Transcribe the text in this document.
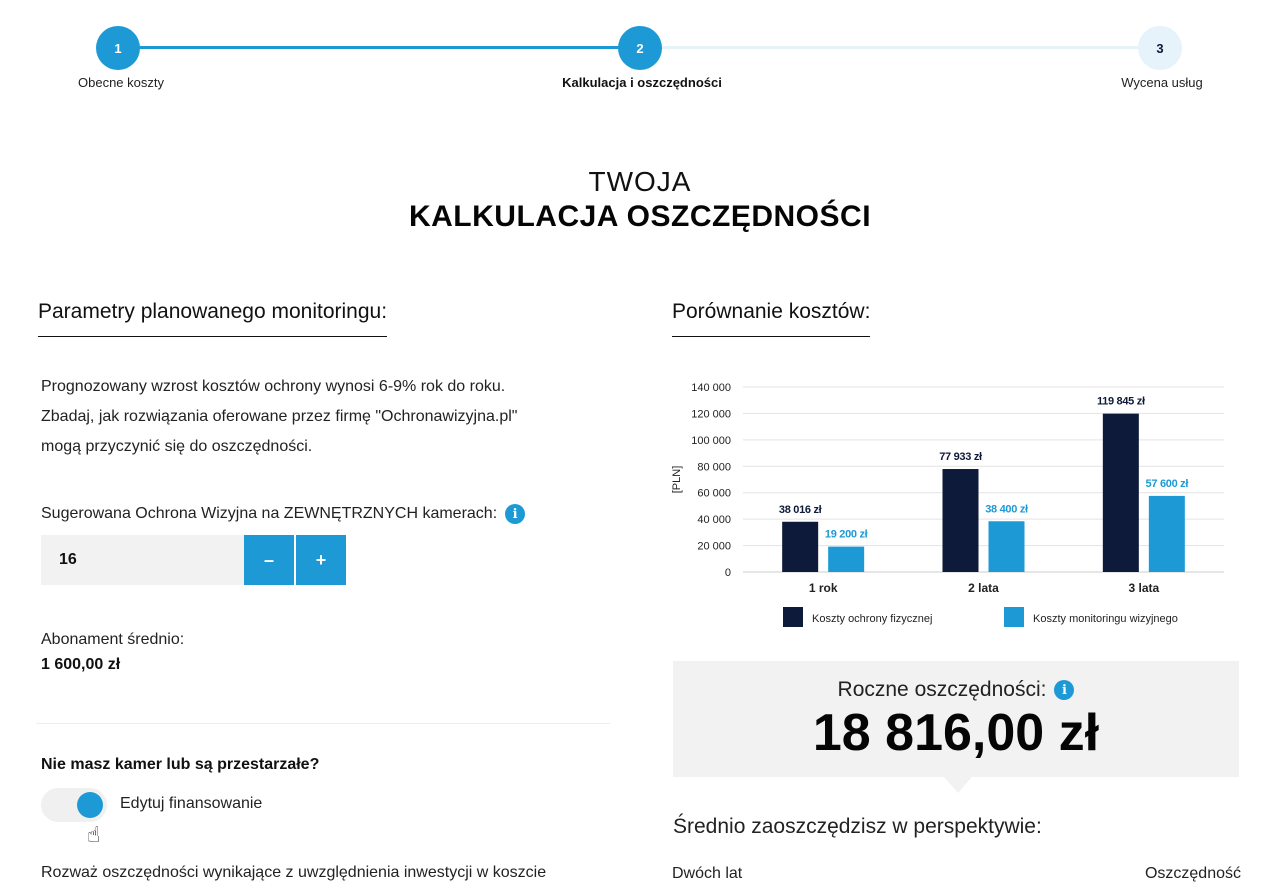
1	2	3
Obecne koszty	Kalkulacja i oszczędności	Wycena usług
TWOJA
KALKULACJA OSZCZĘDNOŚCI
Parametry planowanego monitoringu:
Prognozowany wzrost kosztów ochrony wynosi 6-9% rok do roku.
Zbadaj, jak rozwiązania oferowane przez firmę "Ochronawizyjna.pl"
mogą przyczynić się do oszczędności.
Sugerowana Ochrona Wizyjna na ZEWNĘTRZNYCH kamerach:	i
16
–	+
Abonament średnio:
1 600,00 zł
Nie masz kamer lub są przestarzałe?
☝
Edytuj finansowanie
Rozważ oszczędności wynikające z uwzględnienia inwestycji w koszcie
Porównanie kosztów:
0
20 000
40 000
60 000
80 000
100 000
120 000
140 000
[PLN]
38 016 zł
19 200 zł
1 rok
77 933 zł
38 400 zł
2 lata
119 845 zł
57 600 zł
3 lata
Koszty ochrony fizycznej	Koszty monitoringu wizyjnego
Roczne oszczędności:	i
18 816,00 zł
Średnio zaoszczędzisz w perspektywie:
Dwóch lat	Oszczędność
